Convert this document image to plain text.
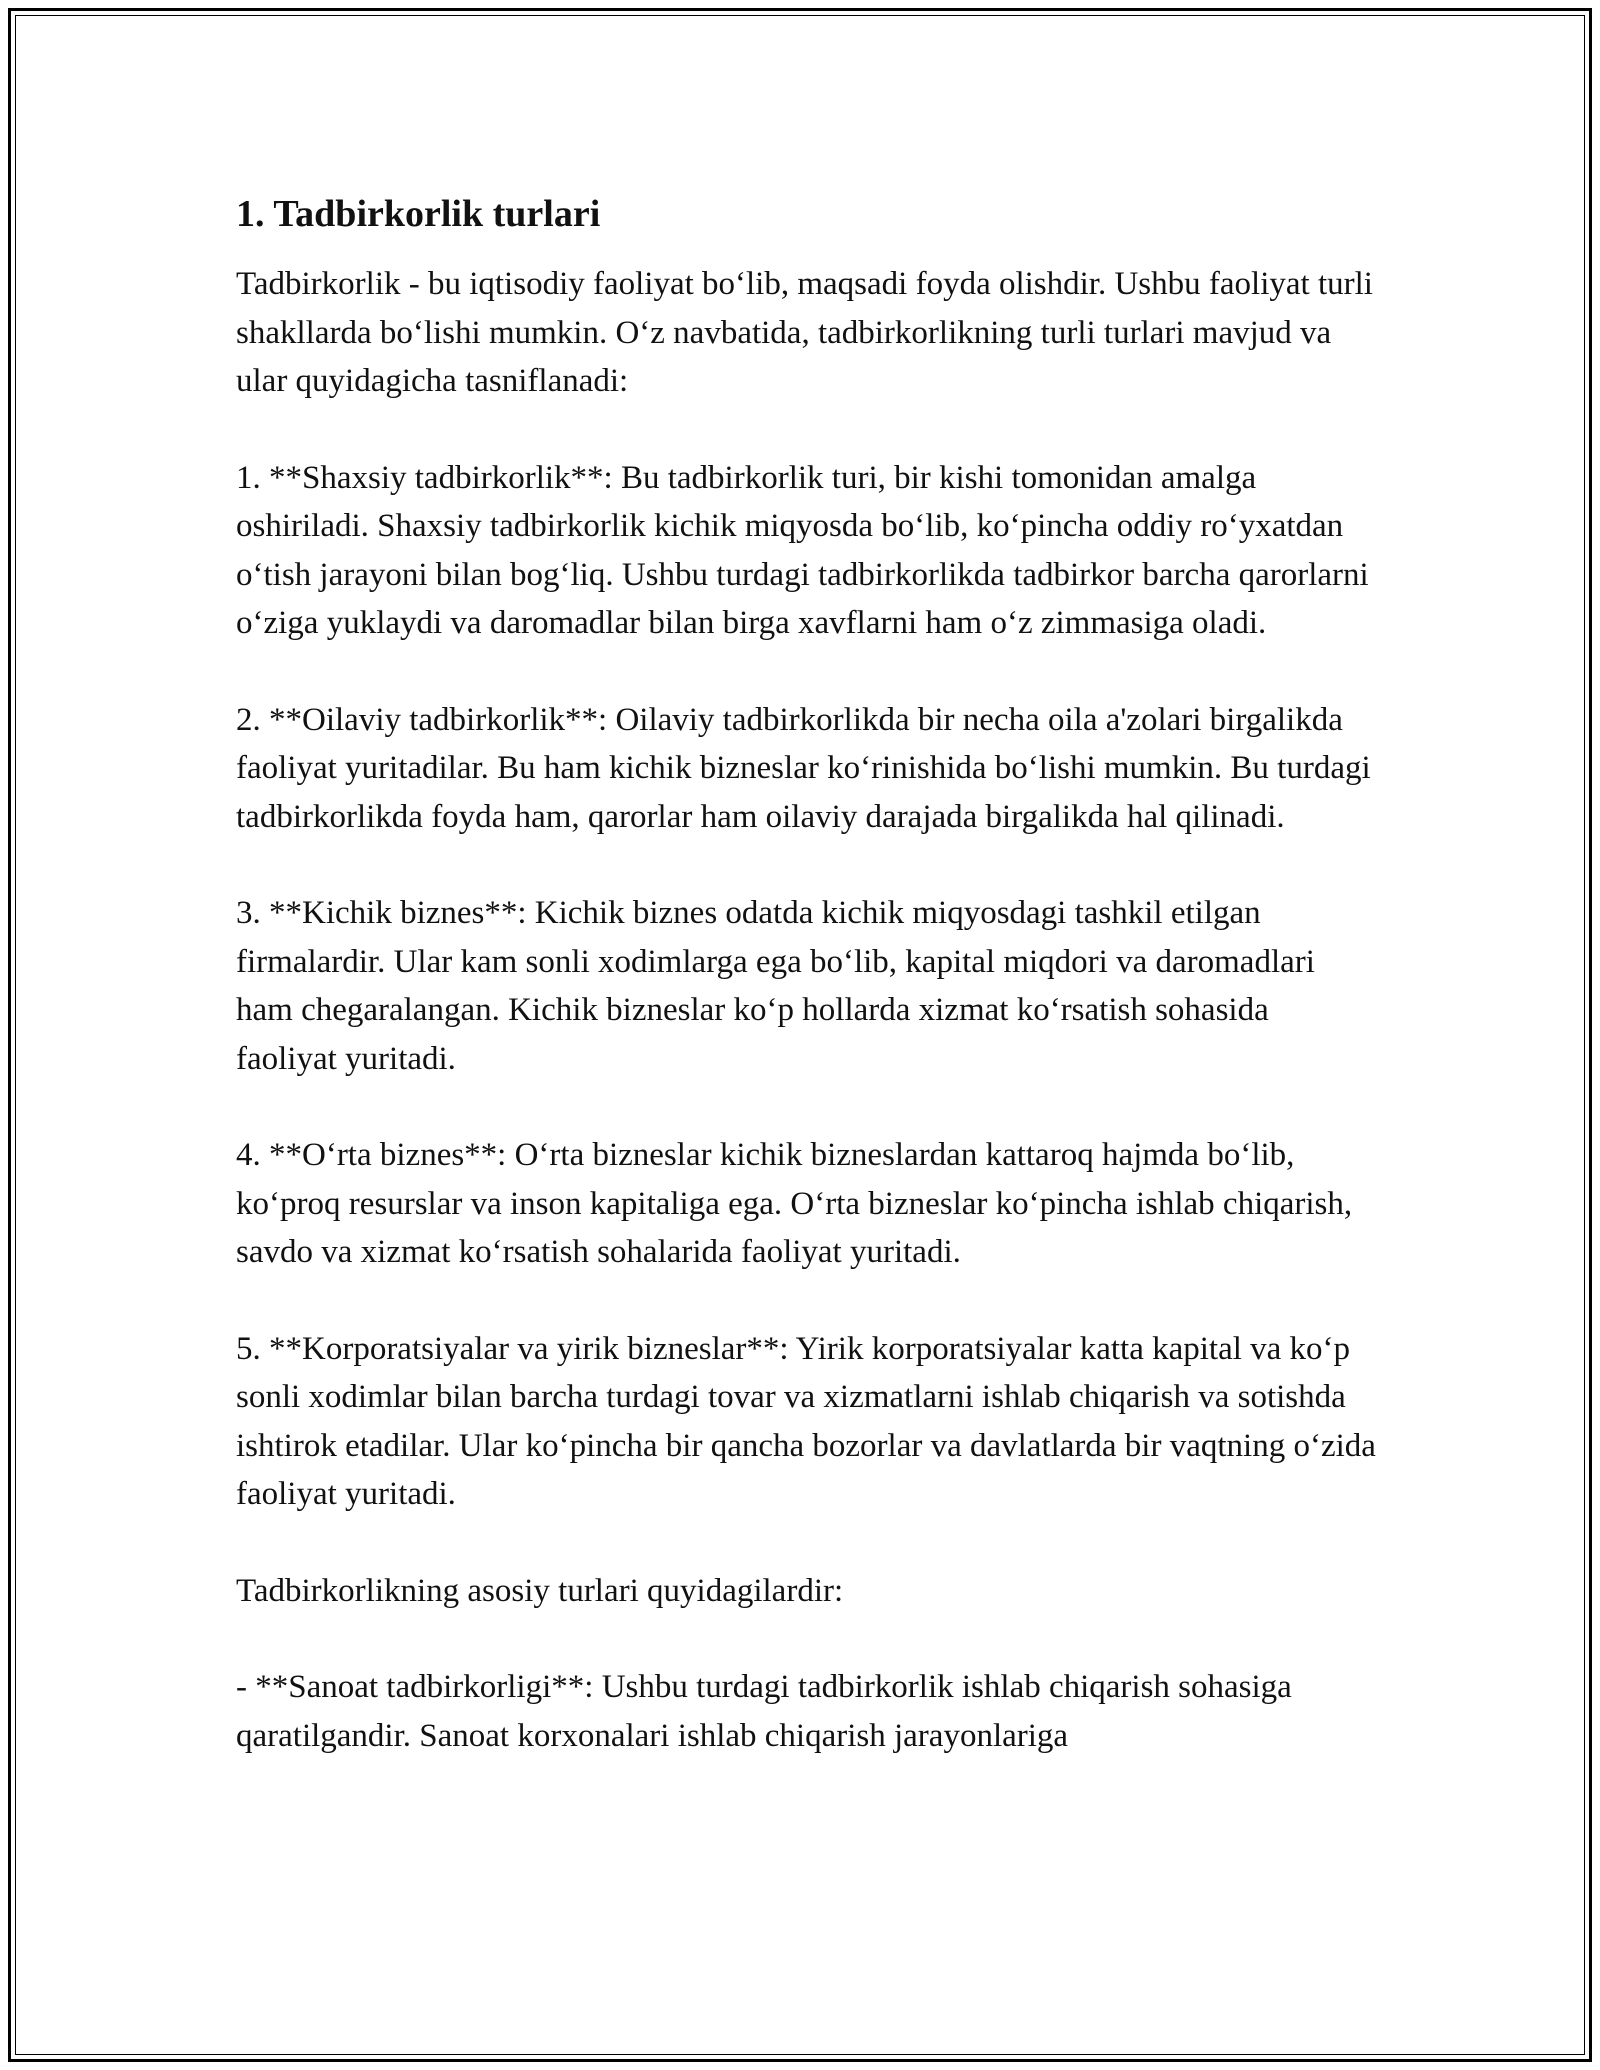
1. Tadbirkorlik turlari

Tadbirkorlik - bu iqtisodiy faoliyat bo‘lib, maqsadi foyda olishdir. Ushbu faoliyat turli shakllarda bo‘lishi mumkin. O‘z navbatida, tadbirkorlikning turli turlari mavjud va ular quyidagicha tasniflanadi:

1. **Shaxsiy tadbirkorlik**: Bu tadbirkorlik turi, bir kishi tomonidan amalga oshiriladi. Shaxsiy tadbirkorlik kichik miqyosda bo‘lib, ko‘pincha oddiy ro‘yxatdan o‘tish jarayoni bilan bog‘liq. Ushbu turdagi tadbirkorlikda tadbirkor barcha qarorlarni o‘ziga yuklaydi va daromadlar bilan birga xavflarni ham o‘z zimmasiga oladi.

2. **Oilaviy tadbirkorlik**: Oilaviy tadbirkorlikda bir necha oila a'zolari birgalikda faoliyat yuritadilar. Bu ham kichik bizneslar ko‘rinishida bo‘lishi mumkin. Bu turdagi tadbirkorlikda foyda ham, qarorlar ham oilaviy darajada birgalikda hal qilinadi.

3. **Kichik biznes**: Kichik biznes odatda kichik miqyosdagi tashkil etilgan firmalardir. Ular kam sonli xodimlarga ega bo‘lib, kapital miqdori va daromadlari ham chegaralangan. Kichik bizneslar ko‘p hollarda xizmat ko‘rsatish sohasida faoliyat yuritadi.

4. **O‘rta biznes**: O‘rta bizneslar kichik bizneslardan kattaroq hajmda bo‘lib, ko‘proq resurslar va inson kapitaliga ega. O‘rta bizneslar ko‘pincha ishlab chiqarish, savdo va xizmat ko‘rsatish sohalarida faoliyat yuritadi.

5. **Korporatsiyalar va yirik bizneslar**: Yirik korporatsiyalar katta kapital va ko‘p sonli xodimlar bilan barcha turdagi tovar va xizmatlarni ishlab chiqarish va sotishda ishtirok etadilar. Ular ko‘pincha bir qancha bozorlar va davlatlarda bir vaqtning o‘zida faoliyat yuritadi.

Tadbirkorlikning asosiy turlari quyidagilardir:

- **Sanoat tadbirkorligi**: Ushbu turdagi tadbirkorlik ishlab chiqarish sohasiga qaratilgandir. Sanoat korxonalari ishlab chiqarish jarayonlariga
